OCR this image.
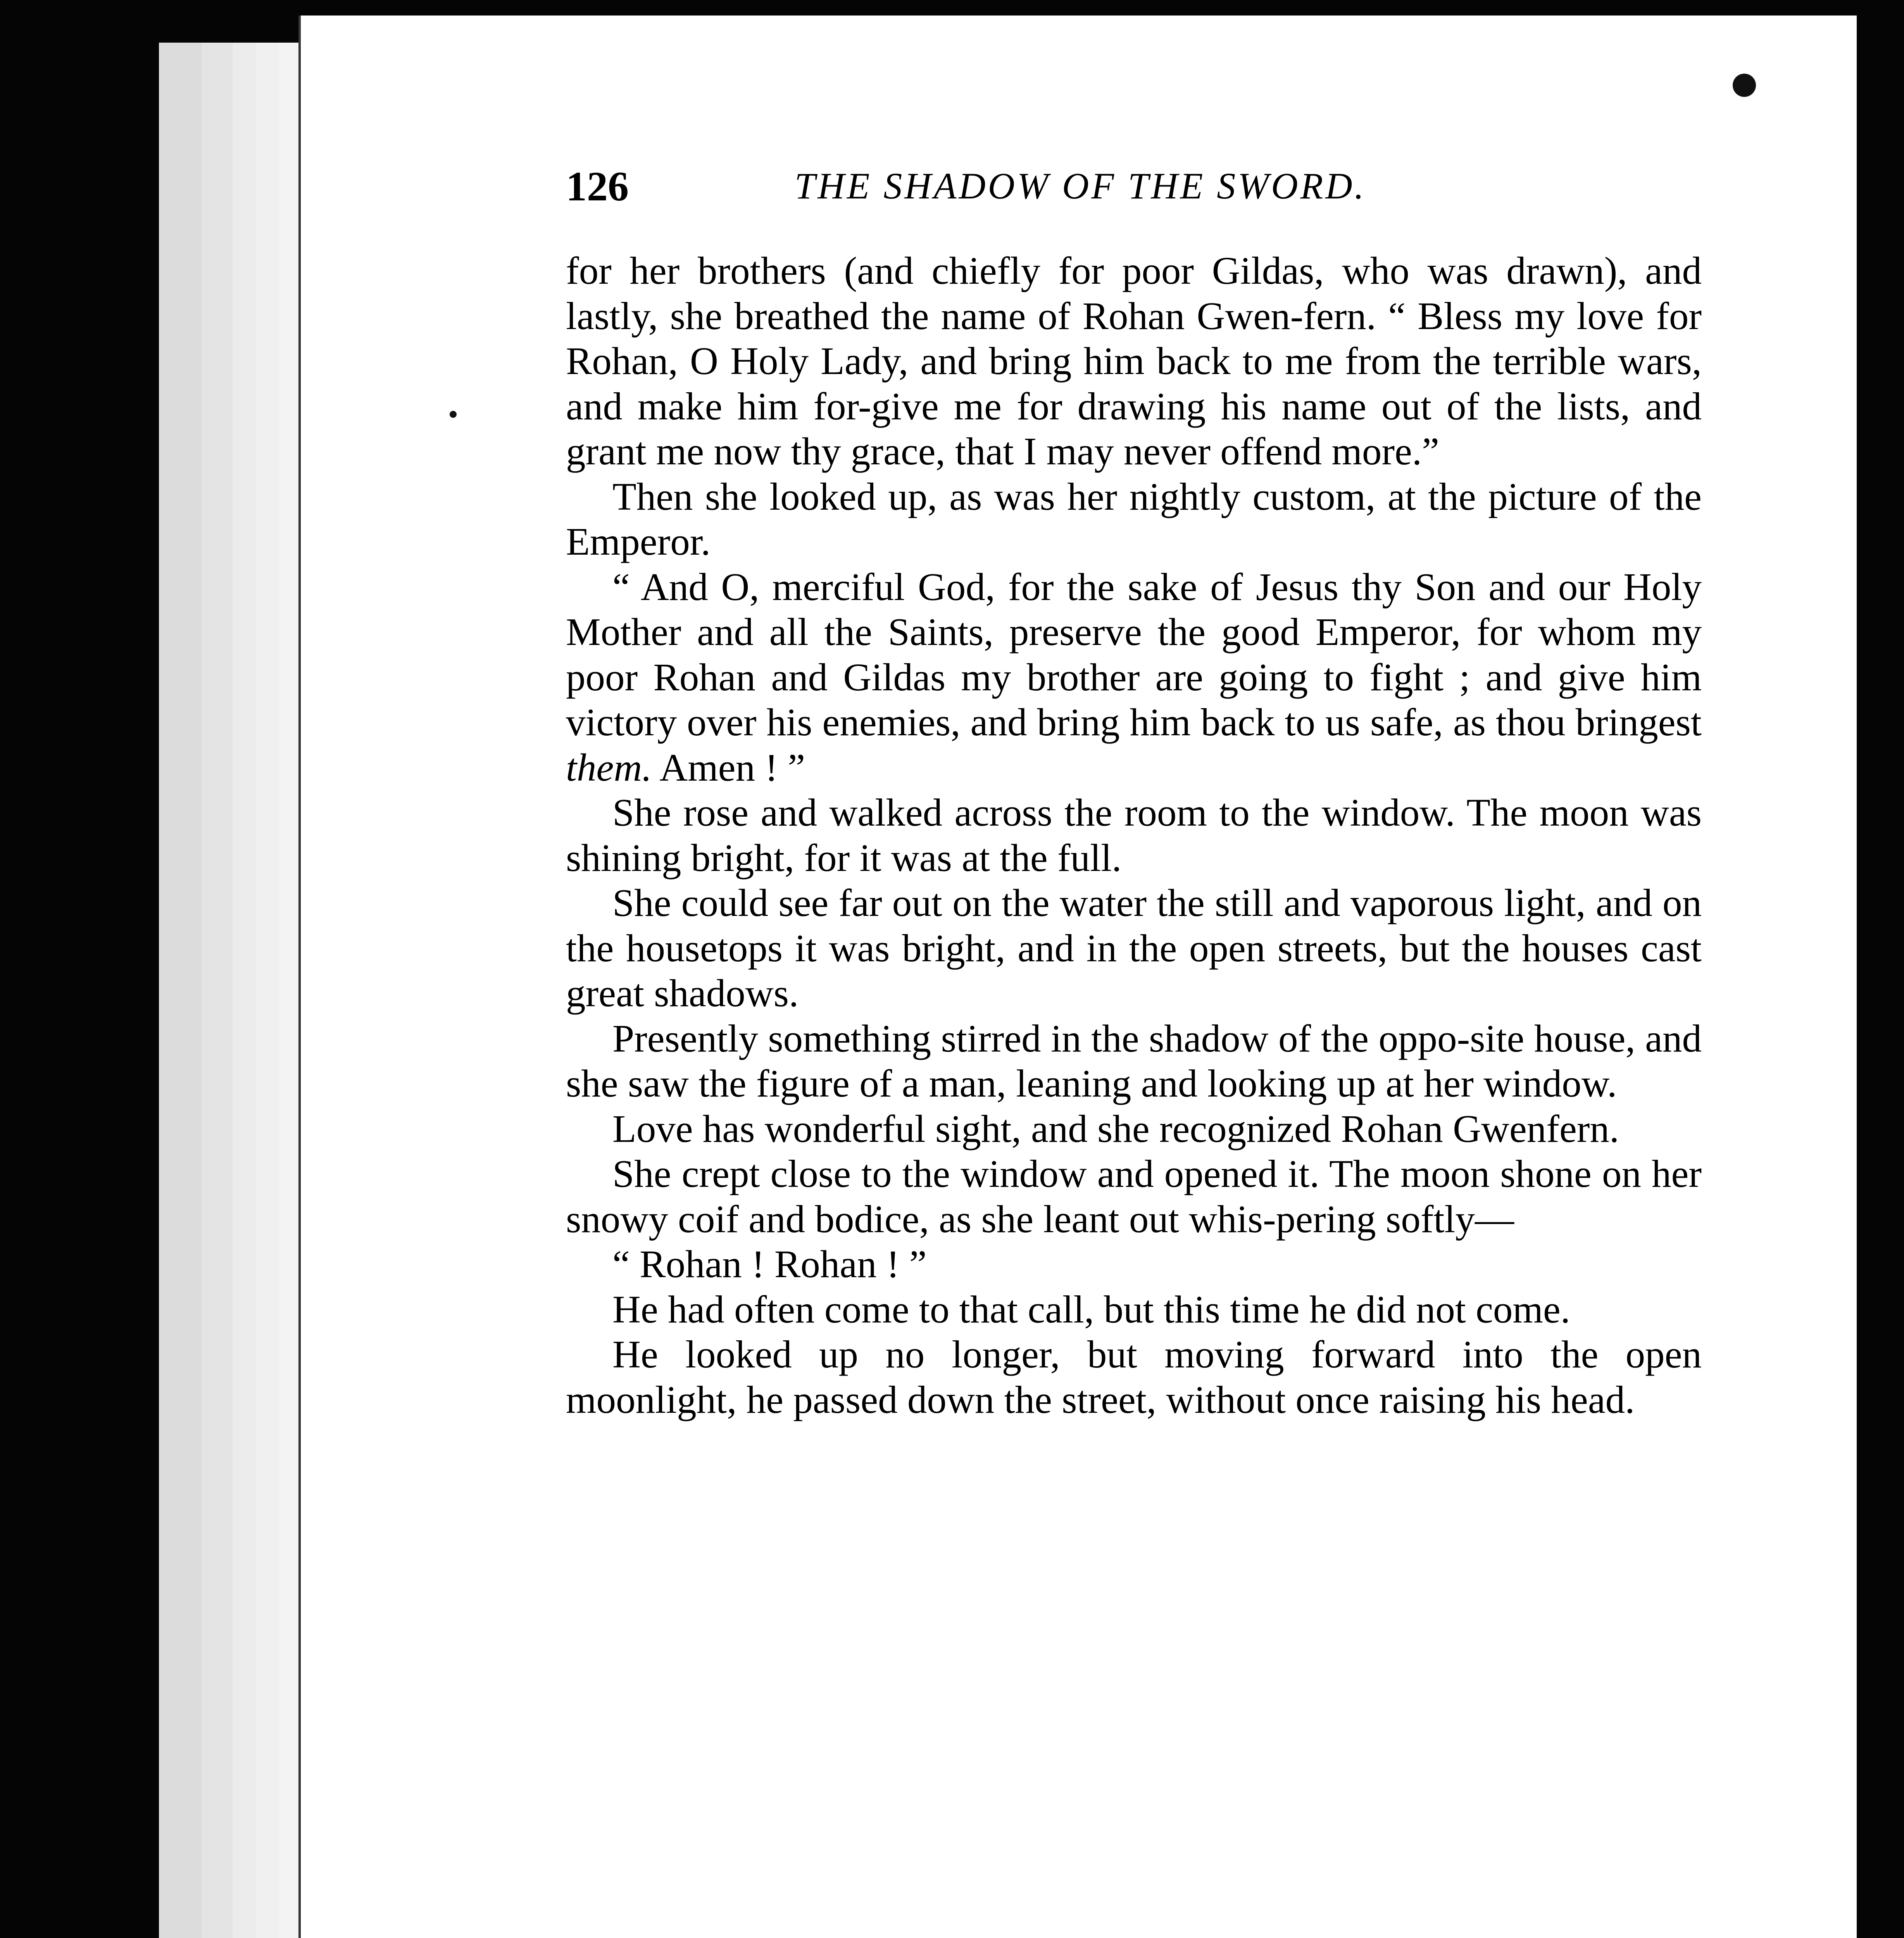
126	THE SHADOW OF THE SWORD.

for her brothers (and chiefly for poor Gildas, who was drawn), and lastly, she breathed the name of Rohan Gwen-fern. “ Bless my love for Rohan, O Holy Lady, and bring him back to me from the terrible wars, and make him for-give me for drawing his name out of the lists, and grant me now thy grace, that I may never offend more.”

Then she looked up, as was her nightly custom, at the picture of the Emperor.

“ And O, merciful God, for the sake of Jesus thy Son and our Holy Mother and all the Saints, preserve the good Emperor, for whom my poor Rohan and Gildas my brother are going to fight ; and give him victory over his enemies, and bring him back to us safe, as thou bringest them. Amen ! ”

She rose and walked across the room to the window. The moon was shining bright, for it was at the full.

She could see far out on the water the still and vaporous light, and on the housetops it was bright, and in the open streets, but the houses cast great shadows.

Presently something stirred in the shadow of the oppo-site house, and she saw the figure of a man, leaning and looking up at her window.

Love has wonderful sight, and she recognized Rohan Gwenfern.

She crept close to the window and opened it. The moon shone on her snowy coif and bodice, as she leant out whis-pering softly—

“ Rohan ! Rohan ! ”

He had often come to that call, but this time he did not come.

He looked up no longer, but moving forward into the open moonlight, he passed down the street, without once raising his head.
